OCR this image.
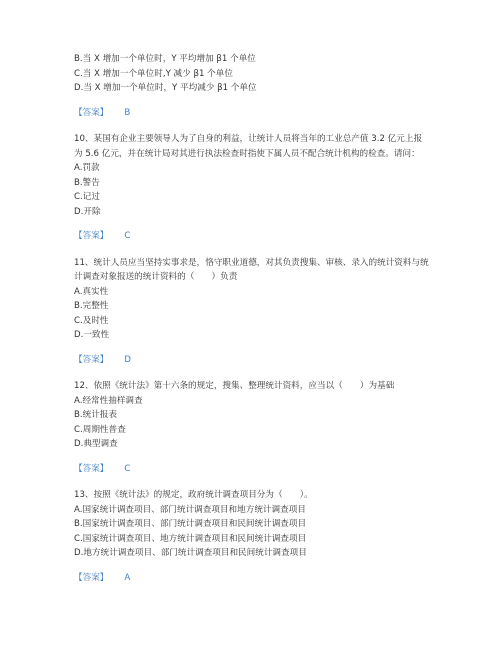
B.当 X 增加一个单位时，Y 平均增加 β1 个单位
C.当 X 增加一个单位时,Y 减少 β1 个单位
D.当 X 增加一个单位时，Y 平均减少 β1 个单位
【答案】 B
10、某国有企业主要领导人为了自身的利益，让统计人员将当年的工业总产值 3.2 亿元上报为 5.6 亿元，并在统计局对其进行执法检查时指使下属人员不配合统计机构的检查。请问：
A.罚款
B.警告
C.记过
D.开除
【答案】 C
11、统计人员应当坚持实事求是，恪守职业道德，对其负责搜集、审核、录入的统计资料与统计调查对象报送的统计资料的（　　）负责
A.真实性
B.完整性
C.及时性
D.一致性
【答案】 D
12、依照《统计法》第十六条的规定，搜集、整理统计资料，应当以（　　）为基础
A.经常性抽样调查
B.统计报表
C.周期性普查
D.典型调查
【答案】 C
13、按照《统计法》的规定，政府统计调查项目分为（　　）。
A.国家统计调查项目、部门统计调查项目和地方统计调查项目
B.国家统计调查项目、部门统计调查项目和民间统计调查项目
C.国家统计调查项目、地方统计调查项目和民间统计调查项目
D.地方统计调查项目、部门统计调查项目和民间统计调查项目
【答案】 A
